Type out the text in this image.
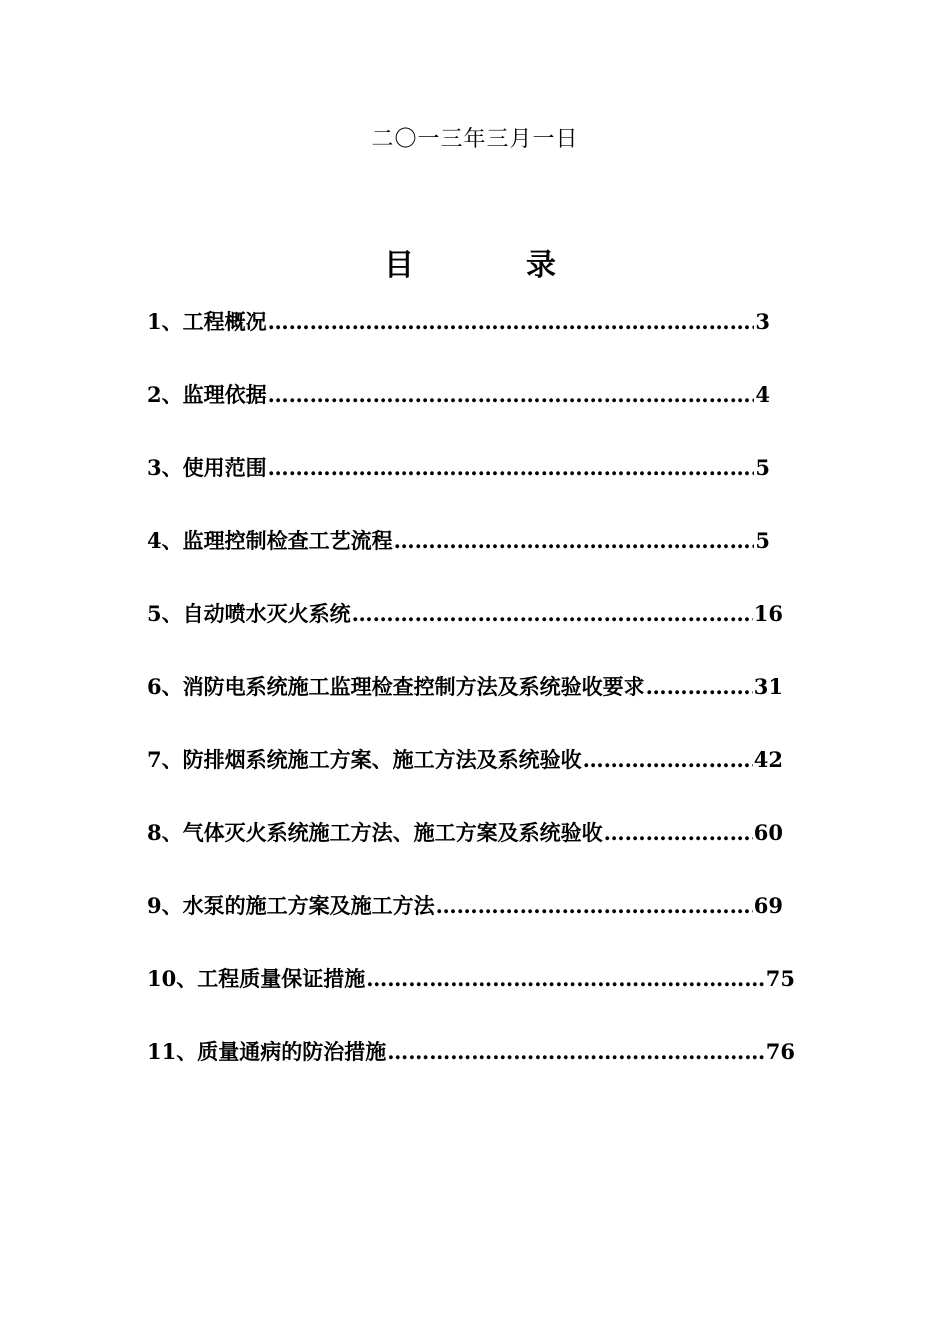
二〇一三年三月一日
目	录
1、工程概况 ……………………………………………………………………………………………………………………………………	3
2、监理依据 ……………………………………………………………………………………………………………………………………	4
3、使用范围 ……………………………………………………………………………………………………………………………………	5
4、监理控制检查工艺流程 ……………………………………………………………………………………………………………………………………	5
5、自动喷水灭火系统 ……………………………………………………………………………………………………………………………………	16
6、消防电系统施工监理检查控制方法及系统验收要求 ……………………………………………………………………………………………………………………………………	31
7、防排烟系统施工方案、施工方法及系统验收 ……………………………………………………………………………………………………………………………………	42
8、气体灭火系统施工方法、施工方案及系统验收 ……………………………………………………………………………………………………………………………………	60
9、水泵的施工方案及施工方法 ……………………………………………………………………………………………………………………………………	69
10、工程质量保证措施 ……………………………………………………………………………………………………………………………………	75
11、质量通病的防治措施 ……………………………………………………………………………………………………………………………………	76
